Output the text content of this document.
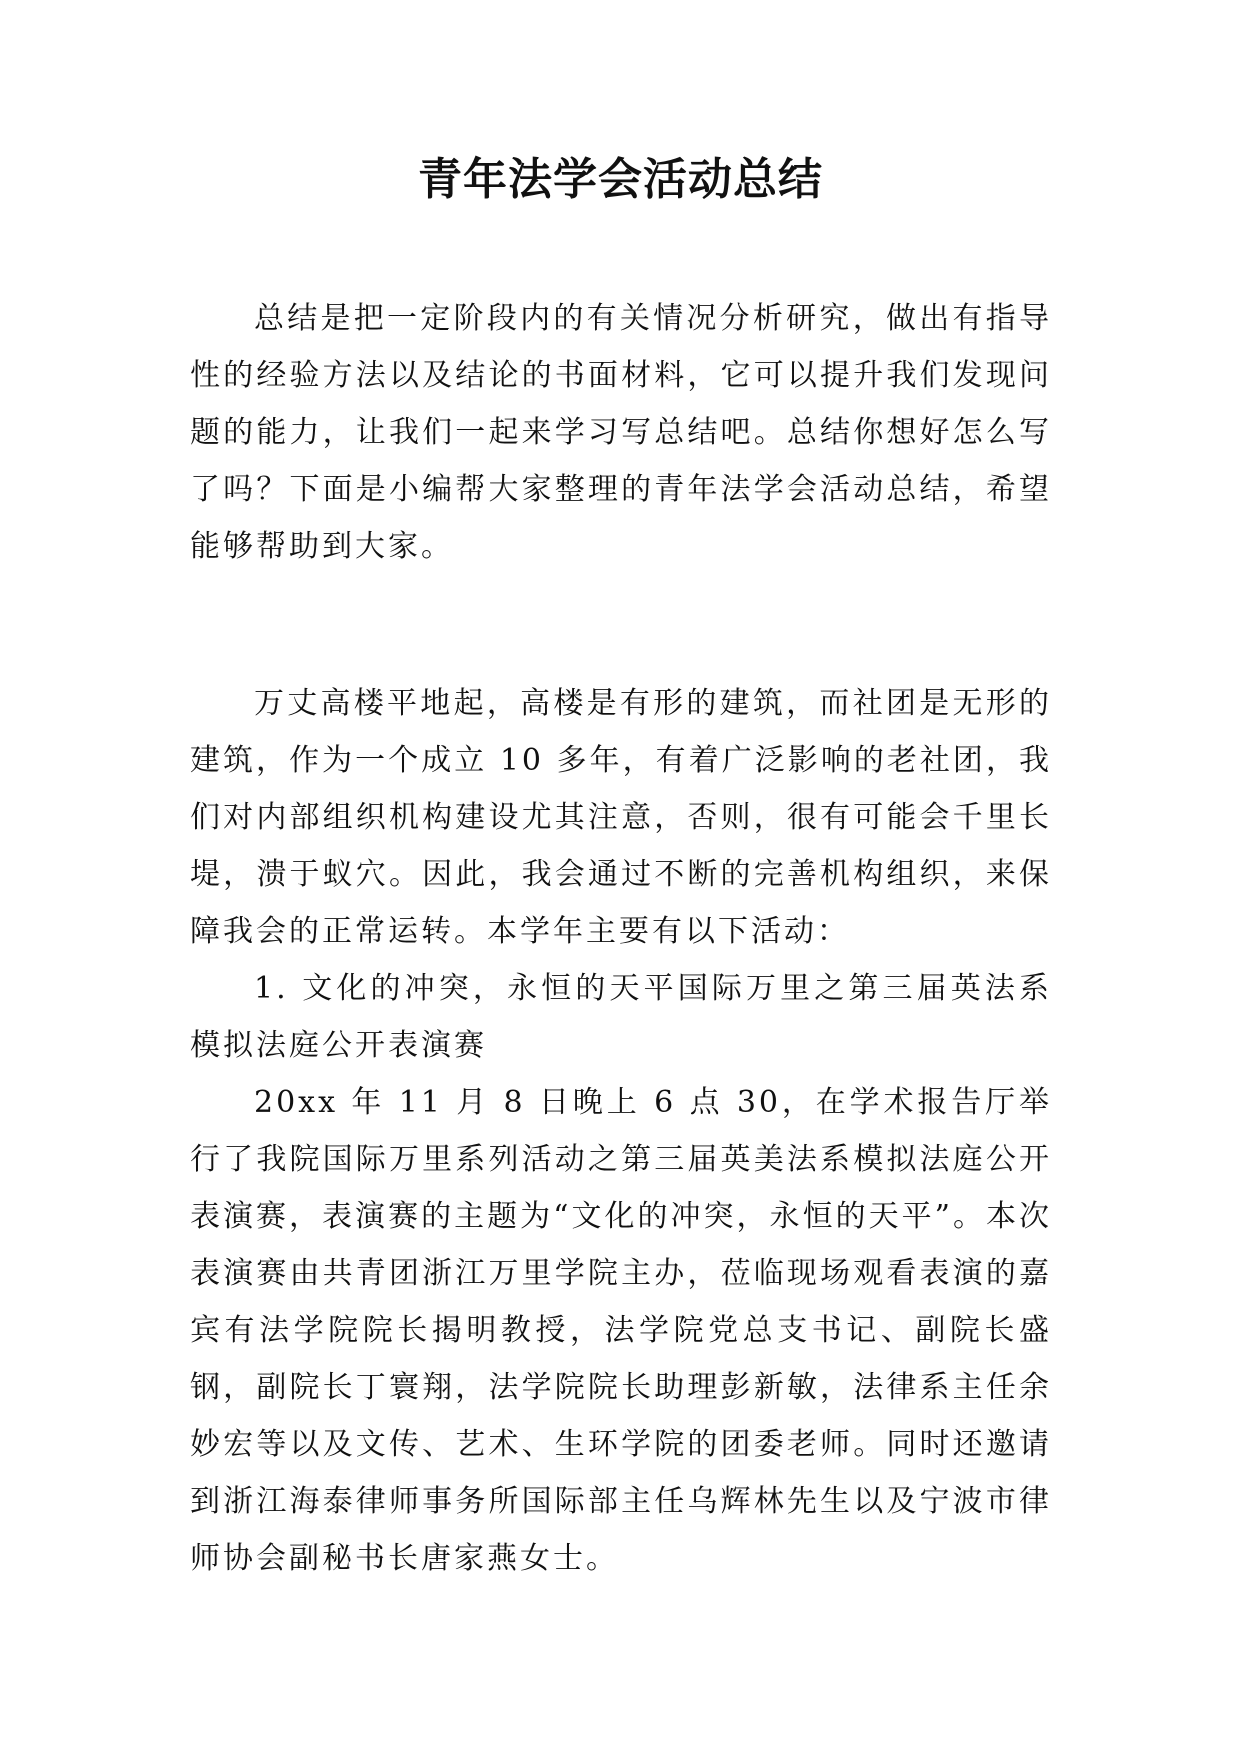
青年法学会活动总结

总结是把一定阶段内的有关情况分析研究，做出有指导性的经验方法以及结论的书面材料，它可以提升我们发现问题的能力，让我们一起来学习写总结吧。总结你想好怎么写了吗？下面是小编帮大家整理的青年法学会活动总结，希望能够帮助到大家。

万丈高楼平地起，高楼是有形的建筑，而社团是无形的建筑，作为一个成立 10 多年，有着广泛影响的老社团，我们对内部组织机构建设尤其注意，否则，很有可能会千里长堤，溃于蚁穴。因此，我会通过不断的完善机构组织，来保障我会的正常运转。本学年主要有以下活动：

1. 文化的冲突，永恒的天平国际万里之第三届英法系模拟法庭公开表演赛

20xx 年 11 月 8 日晚上 6 点 30，在学术报告厅举行了我院国际万里系列活动之第三届英美法系模拟法庭公开表演赛，表演赛的主题为“文化的冲突，永恒的天平”。本次表演赛由共青团浙江万里学院主办，莅临现场观看表演的嘉宾有法学院院长揭明教授，法学院党总支书记、副院长盛钢，副院长丁寰翔，法学院院长助理彭新敏，法律系主任余妙宏等以及文传、艺术、生环学院的团委老师。同时还邀请到浙江海泰律师事务所国际部主任乌辉林先生以及宁波市律师协会副秘书长唐家燕女士。
